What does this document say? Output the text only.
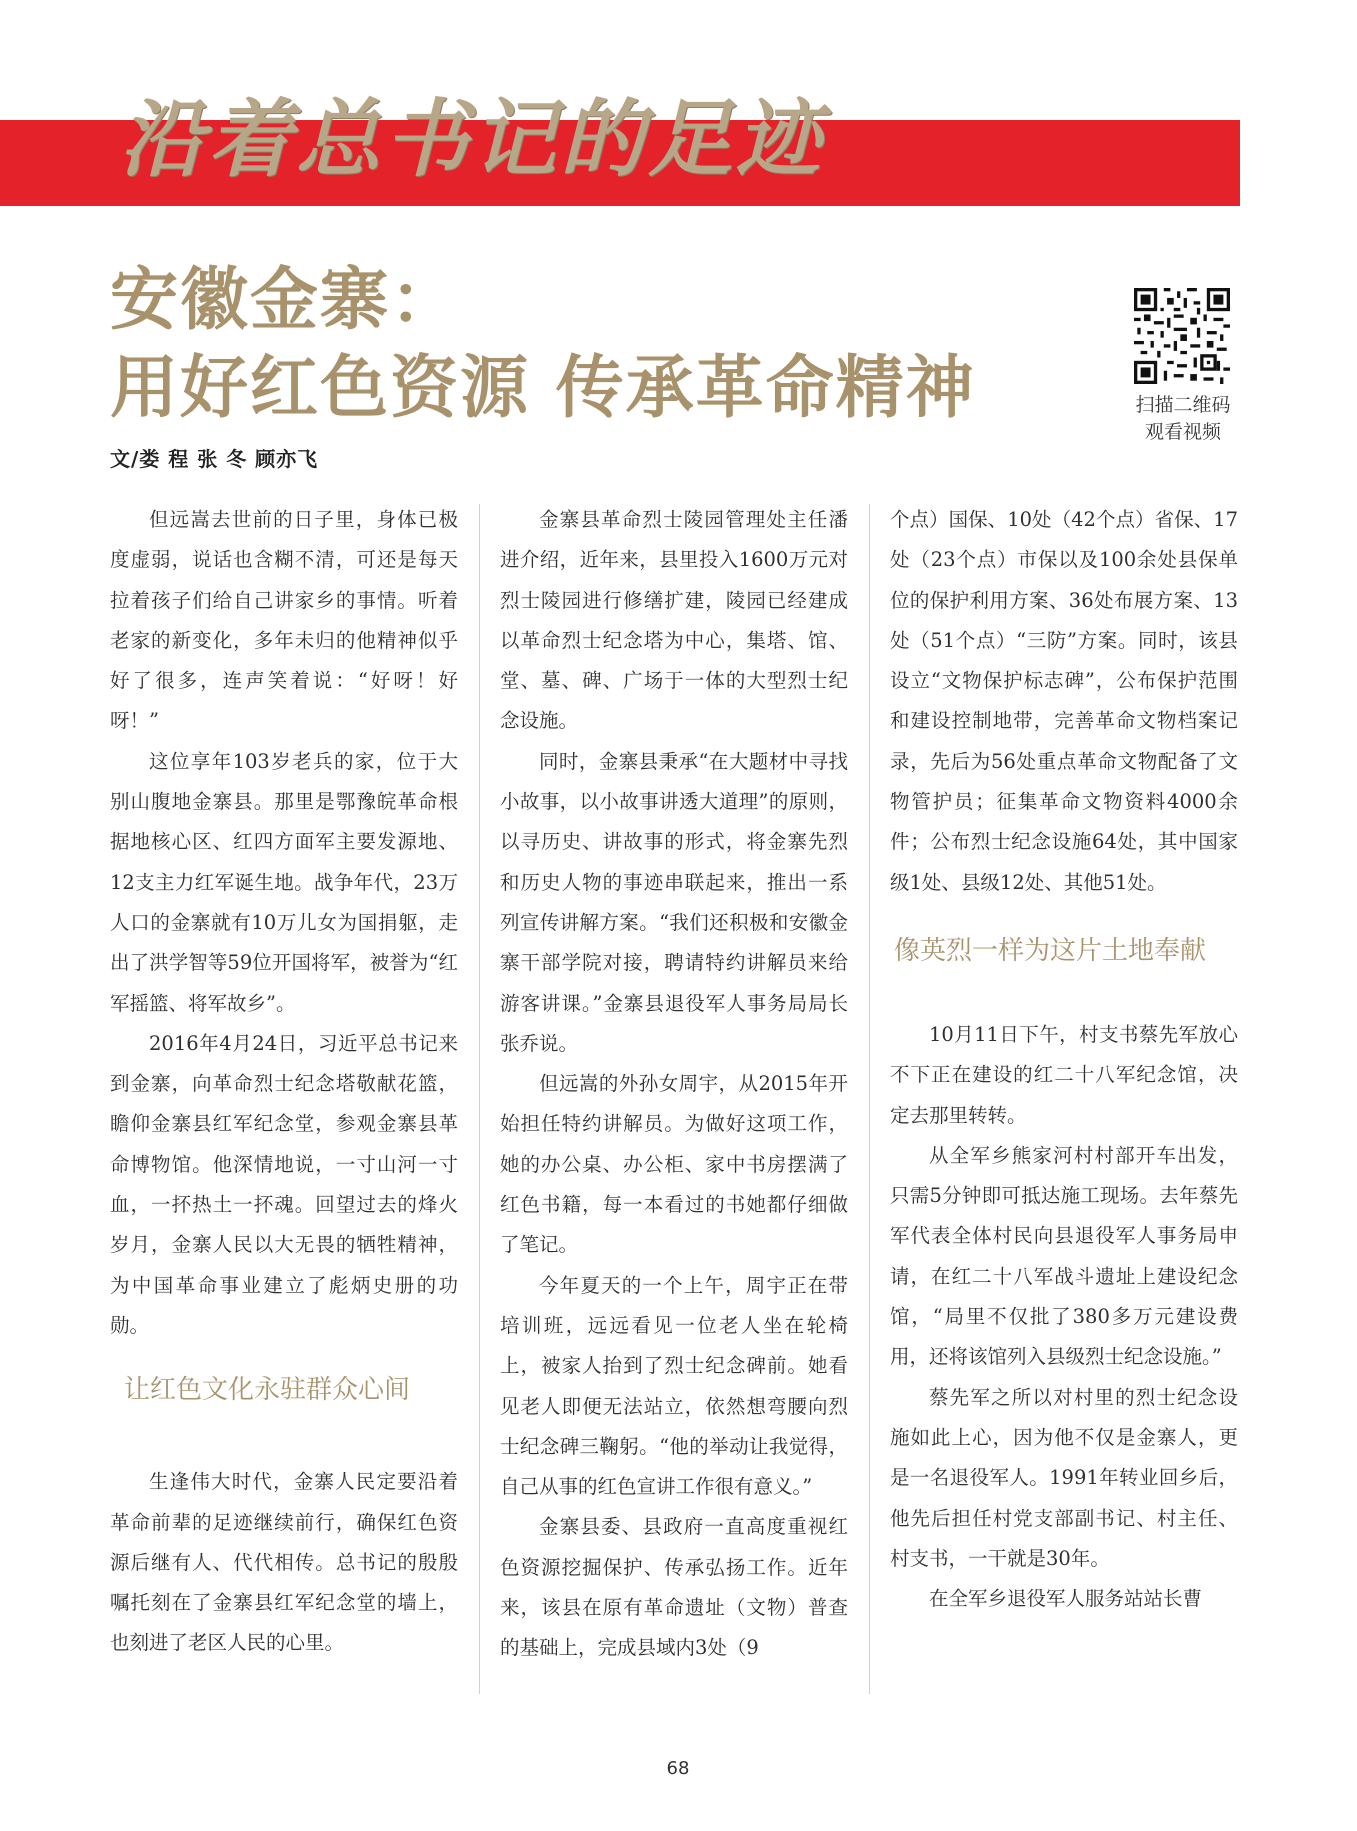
沿着总书记的足迹
安徽金寨：
用好红色资源 传承革命精神	扫描二维码
观看视频
文/娄 程 张 冬 顾亦飞

但远嵩去世前的日子里，身体已极度虚弱，说话也含糊不清，可还是每天拉着孩子们给自己讲家乡的事情。听着老家的新变化，多年未归的他精神似乎好了很多，连声笑着说：“好呀！好呀！”

这位享年103岁老兵的家，位于大别山腹地金寨县。那里是鄂豫皖革命根据地核心区、红四方面军主要发源地、12支主力红军诞生地。战争年代，23万人口的金寨就有10万儿女为国捐躯，走出了洪学智等59位开国将军，被誉为“红军摇篮、将军故乡”。

2016年4月24日，习近平总书记来到金寨，向革命烈士纪念塔敬献花篮，瞻仰金寨县红军纪念堂，参观金寨县革命博物馆。他深情地说，一寸山河一寸血，一抔热土一抔魂。回望过去的烽火岁月，金寨人民以大无畏的牺牲精神，为中国革命事业建立了彪炳史册的功勋。

让红色文化永驻群众心间

生逢伟大时代，金寨人民定要沿着革命前辈的足迹继续前行，确保红色资源后继有人、代代相传。总书记的殷殷嘱托刻在了金寨县红军纪念堂的墙上，也刻进了老区人民的心里。

金寨县革命烈士陵园管理处主任潘进介绍，近年来，县里投入1600万元对烈士陵园进行修缮扩建，陵园已经建成以革命烈士纪念塔为中心，集塔、馆、堂、墓、碑、广场于一体的大型烈士纪念设施。

同时，金寨县秉承“在大题材中寻找小故事，以小故事讲透大道理”的原则，以寻历史、讲故事的形式，将金寨先烈和历史人物的事迹串联起来，推出一系列宣传讲解方案。“我们还积极和安徽金寨干部学院对接，聘请特约讲解员来给游客讲课。”金寨县退役军人事务局局长张乔说。

但远嵩的外孙女周宇，从2015年开始担任特约讲解员。为做好这项工作，她的办公桌、办公柜、家中书房摆满了红色书籍，每一本看过的书她都仔细做了笔记。

今年夏天的一个上午，周宇正在带培训班，远远看见一位老人坐在轮椅上，被家人抬到了烈士纪念碑前。她看见老人即便无法站立，依然想弯腰向烈士纪念碑三鞠躬。“他的举动让我觉得，自己从事的红色宣讲工作很有意义。”

金寨县委、县政府一直高度重视红色资源挖掘保护、传承弘扬工作。近年来，该县在原有革命遗址（文物）普查的基础上，完成县域内3处（9

个点）国保、10处（42个点）省保、17处（23个点）市保以及100余处县保单位的保护利用方案、36处布展方案、13处（51个点）“三防”方案。同时，该县设立“文物保护标志碑”，公布保护范围和建设控制地带，完善革命文物档案记录，先后为56处重点革命文物配备了文物管护员；征集革命文物资料4000余件；公布烈士纪念设施64处，其中国家级1处、县级12处、其他51处。

像英烈一样为这片土地奉献

10月11日下午，村支书蔡先军放心不下正在建设的红二十八军纪念馆，决定去那里转转。

从全军乡熊家河村村部开车出发，只需5分钟即可抵达施工现场。去年蔡先军代表全体村民向县退役军人事务局申请，在红二十八军战斗遗址上建设纪念馆，“局里不仅批了380多万元建设费用，还将该馆列入县级烈士纪念设施。”

蔡先军之所以对村里的烈士纪念设施如此上心，因为他不仅是金寨人，更是一名退役军人。1991年转业回乡后，他先后担任村党支部副书记、村主任、村支书，一干就是30年。

在全军乡退役军人服务站站长曹

68
